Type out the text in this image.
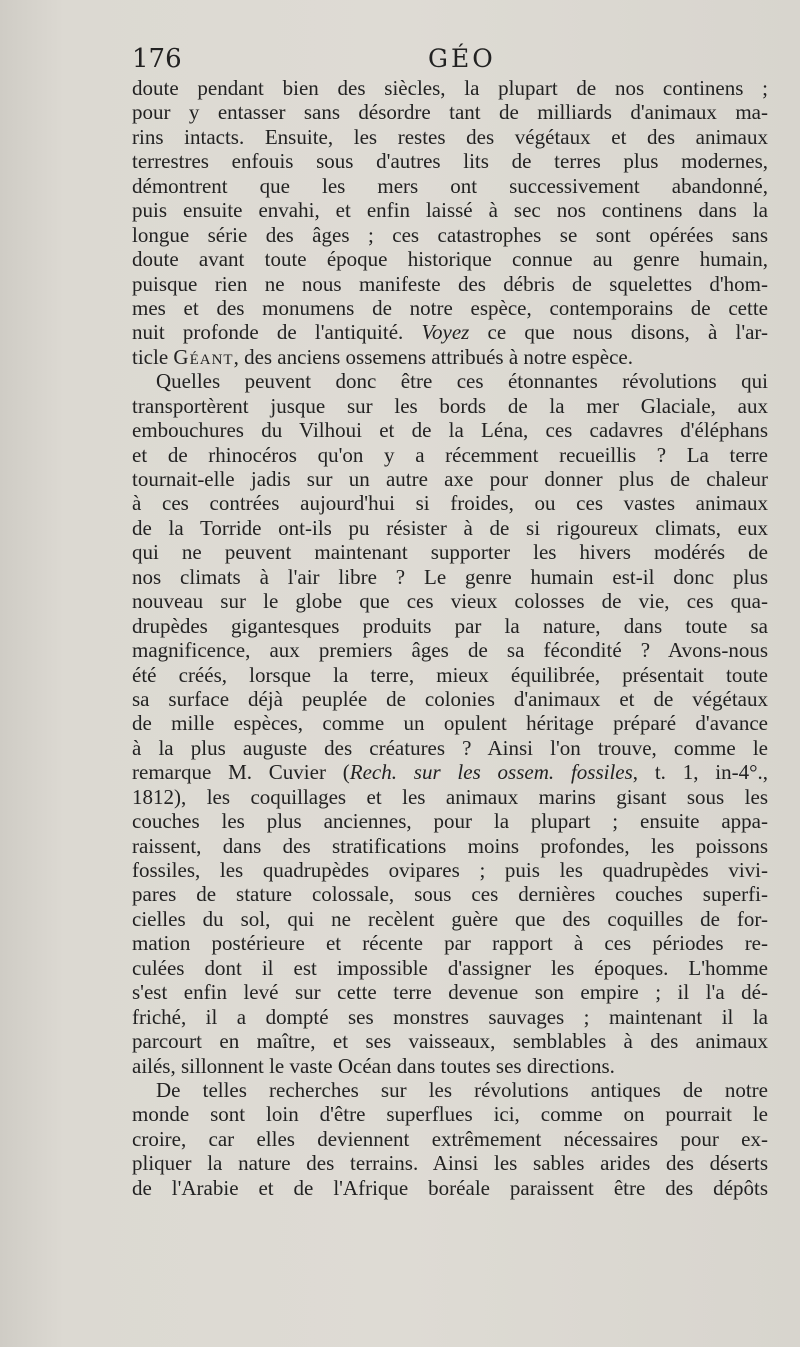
176	GÉO
doute pendant bien des siècles, la plupart de nos continens ;
pour y entasser sans désordre tant de milliards d'animaux ma-
rins intacts. Ensuite, les restes des végétaux et des animaux
terrestres enfouis sous d'autres lits de terres plus modernes,
démontrent que les mers ont successivement abandonné,
puis ensuite envahi, et enfin laissé à sec nos continens dans la
longue série des âges ; ces catastrophes se sont opérées sans
doute avant toute époque historique connue au genre humain,
puisque rien ne nous manifeste des débris de squelettes d'hom-
mes et des monumens de notre espèce, contemporains de cette
nuit profonde de l'antiquité. Voyez ce que nous disons, à l'ar-
ticle Géant, des anciens ossemens attribués à notre espèce.
Quelles peuvent donc être ces étonnantes révolutions qui
transportèrent jusque sur les bords de la mer Glaciale, aux
embouchures du Vilhoui et de la Léna, ces cadavres d'éléphans
et de rhinocéros qu'on y a récemment recueillis ? La terre
tournait-elle jadis sur un autre axe pour donner plus de chaleur
à ces contrées aujourd'hui si froides, ou ces vastes animaux
de la Torride ont-ils pu résister à de si rigoureux climats, eux
qui ne peuvent maintenant supporter les hivers modérés de
nos climats à l'air libre ? Le genre humain est-il donc plus
nouveau sur le globe que ces vieux colosses de vie, ces qua-
drupèdes gigantesques produits par la nature, dans toute sa
magnificence, aux premiers âges de sa fécondité ? Avons-nous
été créés, lorsque la terre, mieux équilibrée, présentait toute
sa surface déjà peuplée de colonies d'animaux et de végétaux
de mille espèces, comme un opulent héritage préparé d'avance
à la plus auguste des créatures ? Ainsi l'on trouve, comme le
remarque M. Cuvier (Rech. sur les ossem. fossiles, t. 1, in-4°.,
1812), les coquillages et les animaux marins gisant sous les
couches les plus anciennes, pour la plupart ; ensuite appa-
raissent, dans des stratifications moins profondes, les poissons
fossiles, les quadrupèdes ovipares ; puis les quadrupèdes vivi-
pares de stature colossale, sous ces dernières couches superfi-
cielles du sol, qui ne recèlent guère que des coquilles de for-
mation postérieure et récente par rapport à ces périodes re-
culées dont il est impossible d'assigner les époques. L'homme
s'est enfin levé sur cette terre devenue son empire ; il l'a dé-
friché, il a dompté ses monstres sauvages ; maintenant il la
parcourt en maître, et ses vaisseaux, semblables à des animaux
ailés, sillonnent le vaste Océan dans toutes ses directions.
De telles recherches sur les révolutions antiques de notre
monde sont loin d'être superflues ici, comme on pourrait le
croire, car elles deviennent extrêmement nécessaires pour ex-
pliquer la nature des terrains. Ainsi les sables arides des déserts
de l'Arabie et de l'Afrique boréale paraissent être des dépôts
